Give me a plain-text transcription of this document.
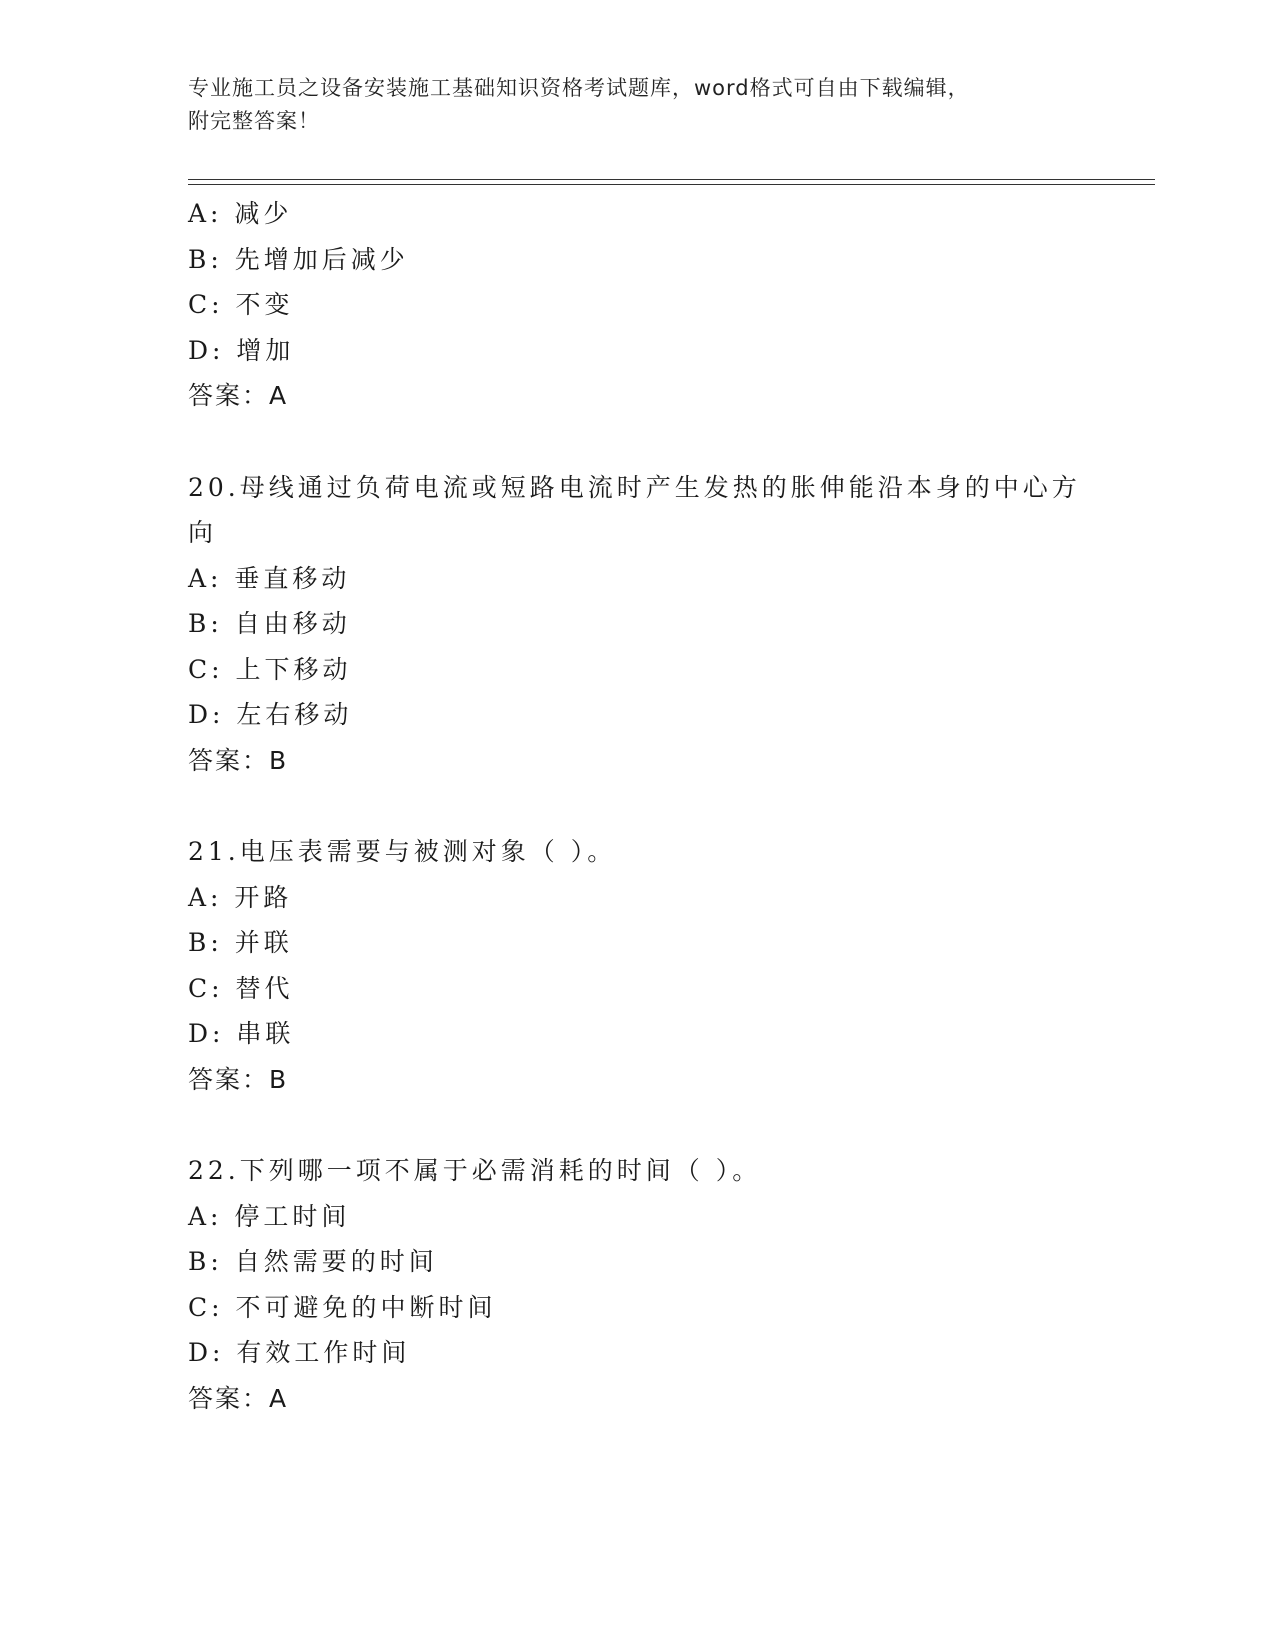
专业施工员之设备安装施工基础知识资格考试题库，word格式可自由下载编辑，
附完整答案！
A: 减少
B: 先增加后减少
C: 不变
D: 增加
答案：A
20.母线通过负荷电流或短路电流时产生发热的胀伸能沿本身的中心方
向
A: 垂直移动
B: 自由移动
C: 上下移动
D: 左右移动
答案：B
21.电压表需要与被测对象（ ）。
A: 开路
B: 并联
C: 替代
D: 串联
答案：B
22.下列哪一项不属于必需消耗的时间（ ）。
A: 停工时间
B: 自然需要的时间
C: 不可避免的中断时间
D: 有效工作时间
答案：A
